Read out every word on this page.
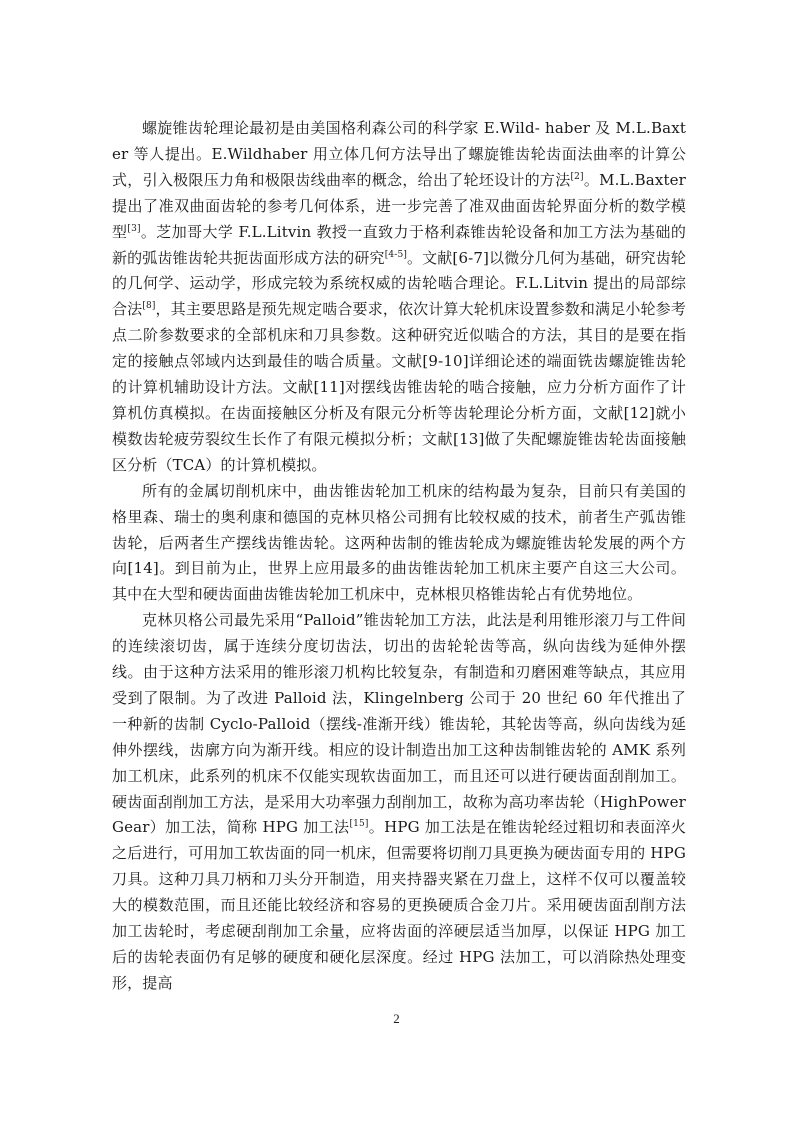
螺旋锥齿轮理论最初是由美国格利森公司的科学家 E.Wild- haber 及 M.L.Baxter 等人提出。E.Wildhaber 用立体几何方法导出了螺旋锥齿轮齿面法曲率的计算公式，引入极限压力角和极限齿线曲率的概念，给出了轮坯设计的方法[2]。M.L.Baxter 提出了准双曲面齿轮的参考几何体系，进一步完善了准双曲面齿轮界面分析的数学模型[3]。芝加哥大学 F.L.Litvin 教授一直致力于格利森锥齿轮设备和加工方法为基础的新的弧齿锥齿轮共扼齿面形成方法的研究[4-5]。文献[6-7]以微分几何为基础，研究齿轮的几何学、运动学，形成完较为系统权威的齿轮啮合理论。F.L.Litvin 提出的局部综合法[8]，其主要思路是预先规定啮合要求，依次计算大轮机床设置参数和满足小轮参考点二阶参数要求的全部机床和刀具参数。这种研究近似啮合的方法，其目的是要在指定的接触点邻域内达到最佳的啮合质量。文献[9-10]详细论述的端面铣齿螺旋锥齿轮的计算机辅助设计方法。文献[11]对摆线齿锥齿轮的啮合接触，应力分析方面作了计算机仿真模拟。在齿面接触区分析及有限元分析等齿轮理论分析方面，文献[12]就小模数齿轮疲劳裂纹生长作了有限元模拟分析；文献[13]做了失配螺旋锥齿轮齿面接触区分析（TCA）的计算机模拟。

所有的金属切削机床中，曲齿锥齿轮加工机床的结构最为复杂，目前只有美国的格里森、瑞士的奥利康和德国的克林贝格公司拥有比较权威的技术，前者生产弧齿锥齿轮，后两者生产摆线齿锥齿轮。这两种齿制的锥齿轮成为螺旋锥齿轮发展的两个方向[14]。到目前为止，世界上应用最多的曲齿锥齿轮加工机床主要产自这三大公司。其中在大型和硬齿面曲齿锥齿轮加工机床中，克林根贝格锥齿轮占有优势地位。

克林贝格公司最先采用“Palloid”锥齿轮加工方法，此法是利用锥形滚刀与工件间的连续滚切齿，属于连续分度切齿法，切出的齿轮轮齿等高，纵向齿线为延伸外摆线。由于这种方法采用的锥形滚刀机构比较复杂，有制造和刃磨困难等缺点，其应用受到了限制。为了改进 Palloid 法，Klingelnberg 公司于 20 世纪 60 年代推出了一种新的齿制 Cyclo-Palloid（摆线-准渐开线）锥齿轮，其轮齿等高，纵向齿线为延伸外摆线，齿廓方向为渐开线。相应的设计制造出加工这种齿制锥齿轮的 AMK 系列加工机床，此系列的机床不仅能实现软齿面加工，而且还可以进行硬齿面刮削加工。硬齿面刮削加工方法，是采用大功率强力刮削加工，故称为高功率齿轮（HighPowerGear）加工法，简称 HPG 加工法[15]。HPG 加工法是在锥齿轮经过粗切和表面淬火之后进行，可用加工软齿面的同一机床，但需要将切削刀具更换为硬齿面专用的 HPG 刀具。这种刀具刀柄和刀头分开制造，用夹持器夹紧在刀盘上，这样不仅可以覆盖较大的模数范围，而且还能比较经济和容易的更换硬质合金刀片。采用硬齿面刮削方法加工齿轮时，考虑硬刮削加工余量，应将齿面的淬硬层适当加厚，以保证 HPG 加工后的齿轮表面仍有足够的硬度和硬化层深度。经过 HPG 法加工，可以消除热处理变形，提高

2
